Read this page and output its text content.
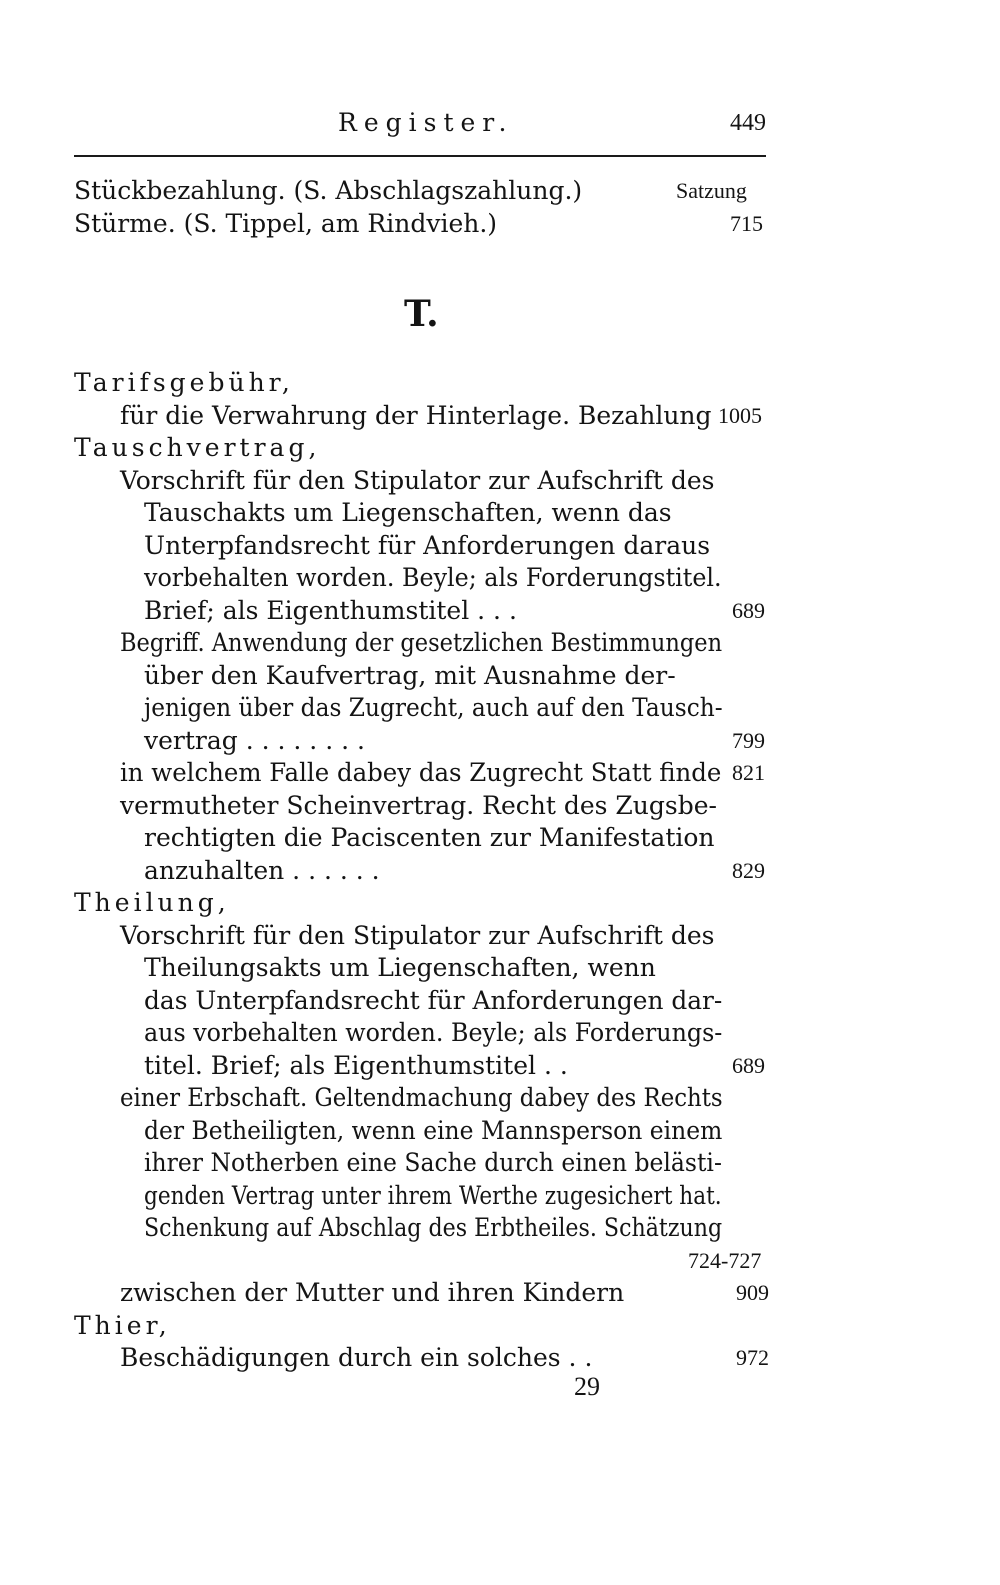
Register.	449
Stückbezahlung. (S. Abschlagszahlung.)	Satzung
Stürme. (S. Tippel, am Rindvieh.)	715
T.
Tarifsgebühr,
für die Verwahrung der Hinterlage. Bezahlung 1005
Tauschvertrag,
Vorschrift für den Stipulator zur Aufschrift des
Tauschakts um Liegenschaften, wenn das
Unterpfandsrecht für Anforderungen daraus
vorbehalten worden. Beyle; als Forderungstitel.
Brief; als Eigenthumstitel . . .	689
Begriff. Anwendung der gesetzlichen Bestimmungen
über den Kaufvertrag, mit Ausnahme der-
jenigen über das Zugrecht, auch auf den Tausch-
vertrag . . . . . . . .	799
in welchem Falle dabey das Zugrecht Statt finde 821
vermutheter Scheinvertrag. Recht des Zugsbe-
rechtigten die Paciscenten zur Manifestation
anzuhalten . . . . . .	829
Theilung,
Vorschrift für den Stipulator zur Aufschrift des
Theilungsakts um Liegenschaften, wenn
das Unterpfandsrecht für Anforderungen dar-
aus vorbehalten worden. Beyle; als Forderungs-
titel. Brief; als Eigenthumstitel . .	689
einer Erbschaft. Geltendmachung dabey des Rechts
der Betheiligten, wenn eine Mannsperson einem
ihrer Notherben eine Sache durch einen belästi-
genden Vertrag unter ihrem Werthe zugesichert hat.
Schenkung auf Abschlag des Erbtheiles. Schätzung
724-727
zwischen der Mutter und ihren Kindern	909
Thier,
Beschädigungen durch ein solches . .	972
29
